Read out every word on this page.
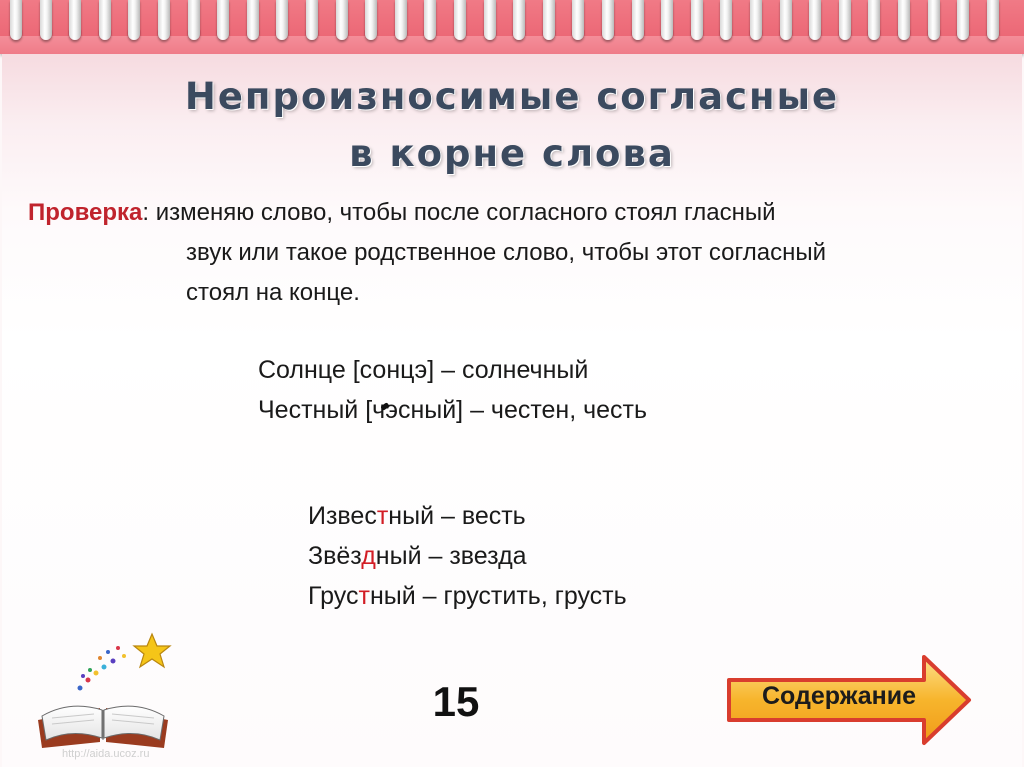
Непроизносимые согласные
в корне слова
Проверка: изменяю слово, чтобы после согласного стоял гласный
звук или такое родственное слово, чтобы этот согласный
стоял на конце.
Солнце [сонцэ] – солнечный
Честный [чэсный] – честен, честь
Известный – весть
Звёздный – звезда
Грустный – грустить, грусть
15	Содержание
http://aida.ucoz.ru
